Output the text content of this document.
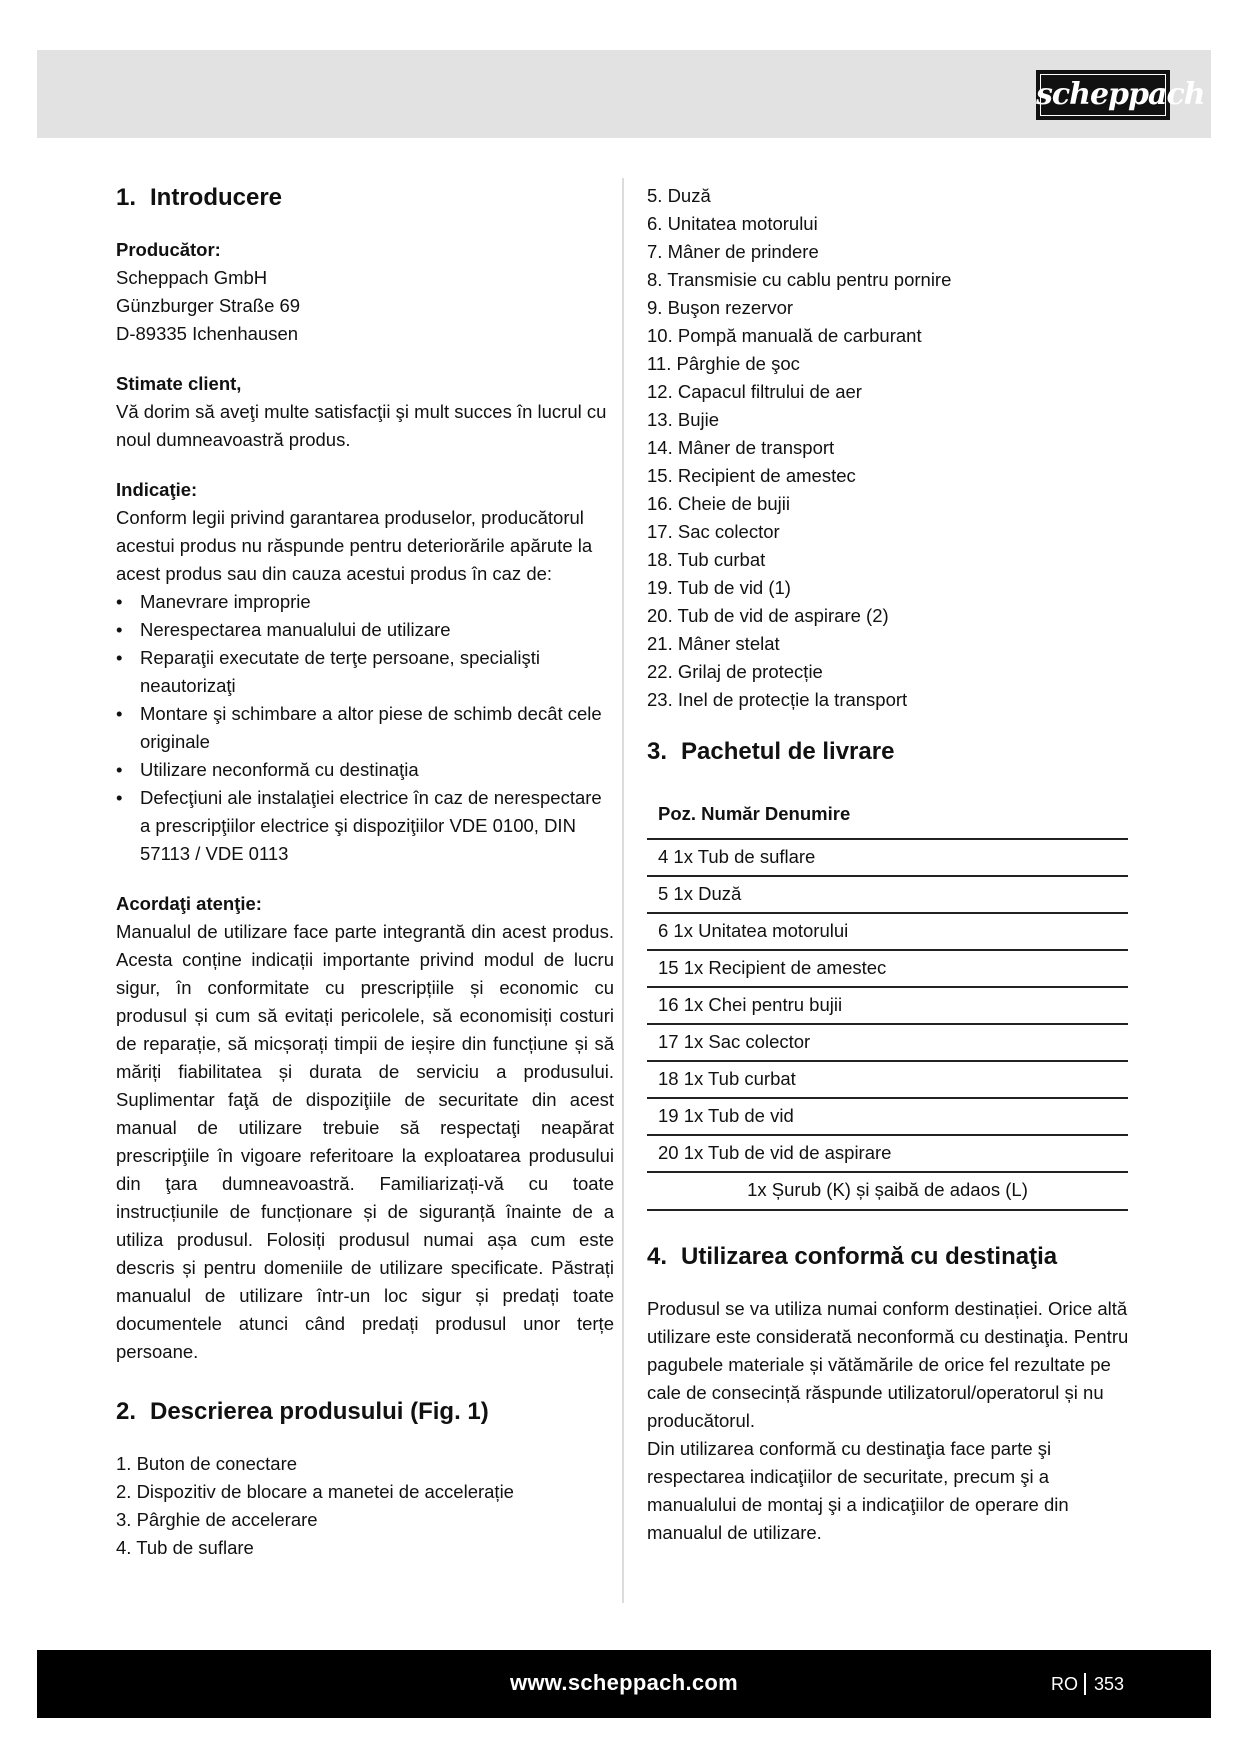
scheppach
1. Introducere
Producător:
Scheppach GmbH
Günzburger Straße 69
D-89335 Ichenhausen
Stimate client,

Vă dorim să aveţi multe satisfacţii şi mult succes în lucrul cu noul dumneavoastră produs.

Indicaţie:

Conform legii privind garantarea produselor, producătorul acestui produs nu răspunde pentru deteriorările apărute la acest produs sau din cauza acestui produs în caz de:

• Manevrare improprie
• Nerespectarea manualului de utilizare
• Reparaţii executate de terţe persoane, specialişti neautorizaţi
• Montare şi schimbare a altor piese de schimb decât cele originale
• Utilizare neconformă cu destinaţia
• Defecţiuni ale instalaţiei electrice în caz de nerespectare a prescripţiilor electrice şi dispoziţiilor VDE 0100, DIN 57113 / VDE 0113
Acordaţi atenţie:

Manualul de utilizare face parte integrantă din acest produs. Acesta conține indicații importante privind modul de lucru sigur, în conformitate cu prescripțiile și economic cu produsul și cum să evitați pericolele, să economisiți costuri de reparație, să micșorați timpii de ieșire din funcțiune și să măriți fiabilitatea și durata de serviciu a produsului. Suplimentar faţă de dispoziţiile de securitate din acest manual de utilizare trebuie să respectaţi neapărat prescripţiile în vigoare referitoare la exploatarea produsului din ţara dumneavoastră. Familiarizați-vă cu toate instrucțiunile de funcționare și de siguranță înainte de a utiliza produsul. Folosiți produsul numai așa cum este descris și pentru domeniile de utilizare specificate. Păstrați manualul de utilizare într-un loc sigur și predați toate documentele atunci când predați produsul unor terțe persoane.

2. Descrierea produsului (Fig. 1)
1. Buton de conectare
2. Dispozitiv de blocare a manetei de accelerație
3. Pârghie de accelerare
4. Tub de suflare
5. Duză
6. Unitatea motorului
7. Mâner de prindere
8. Transmisie cu cablu pentru pornire
9. Buşon rezervor
10. Pompă manuală de carburant
11. Pârghie de şoc
12. Capacul filtrului de aer
13. Bujie
14. Mâner de transport
15. Recipient de amestec
16. Cheie de bujii
17. Sac colector
18. Tub curbat
19. Tub de vid (1)
20. Tub de vid de aspirare (2)
21. Mâner stelat
22. Grilaj de protecție
23. Inel de protecție la transport
3. Pachetul de livrare
Poz. Număr Denumire
4 1x Tub de suflare
5 1x Duză
6 1x Unitatea motorului
15 1x Recipient de amestec
16 1x Chei pentru bujii
17 1x Sac colector
18 1x Tub curbat
19 1x Tub de vid
20 1x Tub de vid de aspirare
1x Șurub (K) și șaibă de adaos (L)
4. Utilizarea conformă cu destinaţia

Produsul se va utiliza numai conform destinației. Orice altă utilizare este considerată neconformă cu destinaţia. Pentru pagubele materiale și vătămările de orice fel rezultate pe cale de consecință răspunde utilizatorul/operatorul și nu producătorul.

Din utilizarea conformă cu destinaţia face parte şi respectarea indicaţiilor de securitate, precum şi a manualului de montaj şi a indicaţiilor de operare din manualul de utilizare.

www.scheppach.com	RO 353
